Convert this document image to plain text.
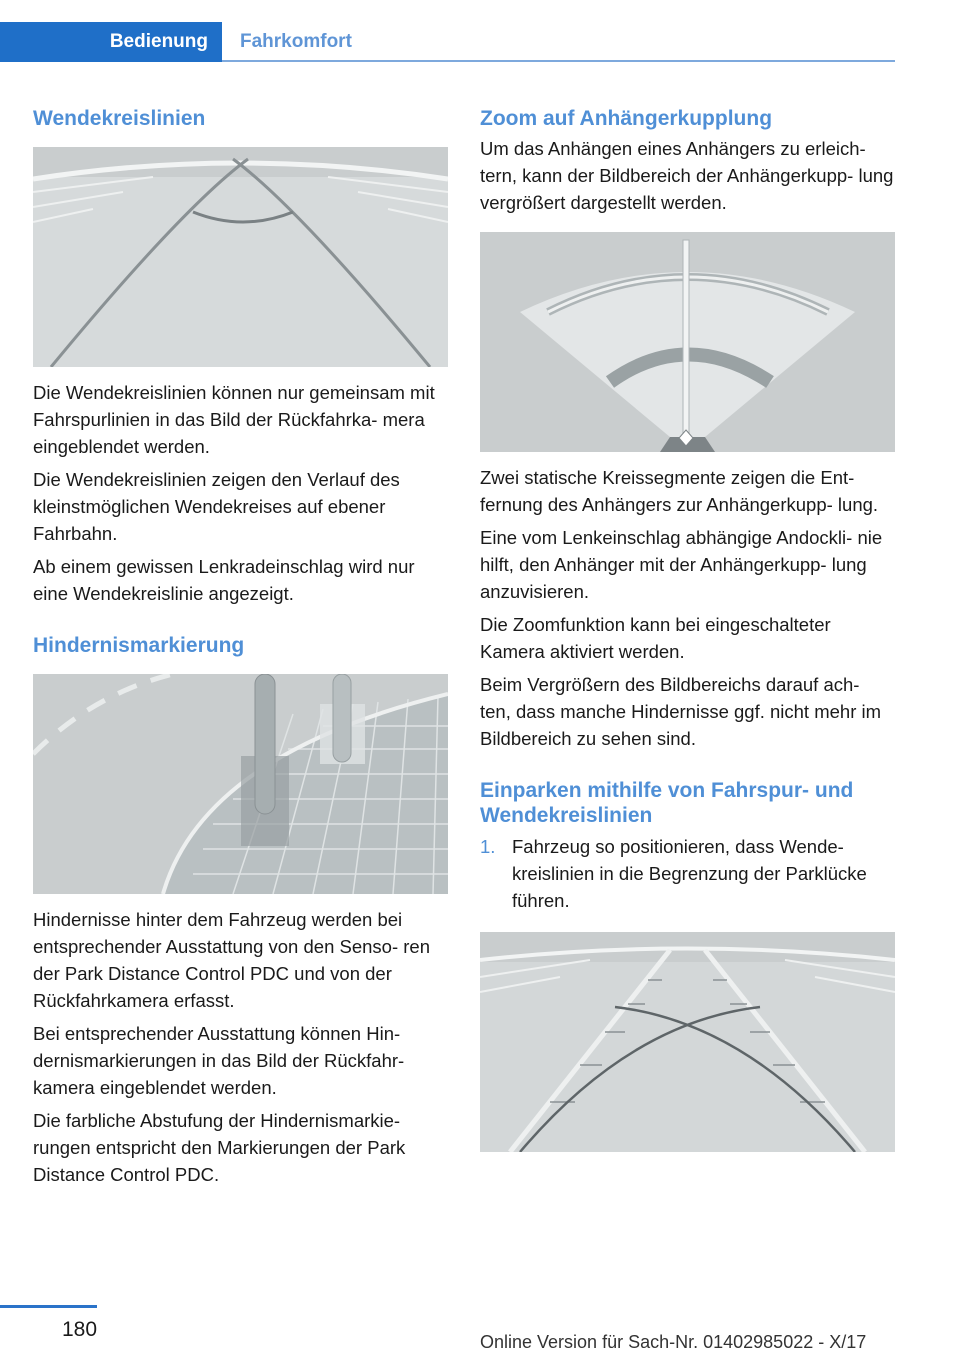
Bedienung	Fahrkomfort
Wendekreislinien

Die Wendekreislinien können nur gemeinsam mit Fahrspurlinien in das Bild der Rückfahrka‐ mera eingeblendet werden.

Die Wendekreislinien zeigen den Verlauf des kleinstmöglichen Wendekreises auf ebener Fahrbahn.

Ab einem gewissen Lenkradeinschlag wird nur eine Wendekreislinie angezeigt.

Hindernismarkierung

Hindernisse hinter dem Fahrzeug werden bei entsprechender Ausstattung von den Senso‐ ren der Park Distance Control PDC und von der Rückfahrkamera erfasst.

Bei entsprechender Ausstattung können Hin‐ dernismarkierungen in das Bild der Rückfahr‐ kamera eingeblendet werden.

Die farbliche Abstufung der Hindernismarkie‐ rungen entspricht den Markierungen der Park Distance Control PDC.

Zoom auf Anhängerkupplung

Um das Anhängen eines Anhängers zu erleich‐ tern, kann der Bildbereich der Anhängerkupp‐ lung vergrößert dargestellt werden.

Zwei statische Kreissegmente zeigen die Ent‐ fernung des Anhängers zur Anhängerkupp‐ lung.

Eine vom Lenkeinschlag abhängige Andockli‐ nie hilft, den Anhänger mit der Anhängerkupp‐ lung anzuvisieren.

Die Zoomfunktion kann bei eingeschalteter Kamera aktiviert werden.

Beim Vergrößern des Bildbereichs darauf ach‐ ten, dass manche Hindernisse ggf. nicht mehr im Bildbereich zu sehen sind.

Einparken mithilfe von Fahrspur- und Wendekreislinien
1. Fahrzeug so positionieren, dass Wende‐ kreislinien in die Begrenzung der Parklücke führen.
180
Online Version für Sach-Nr. 01402985022 - X/17
